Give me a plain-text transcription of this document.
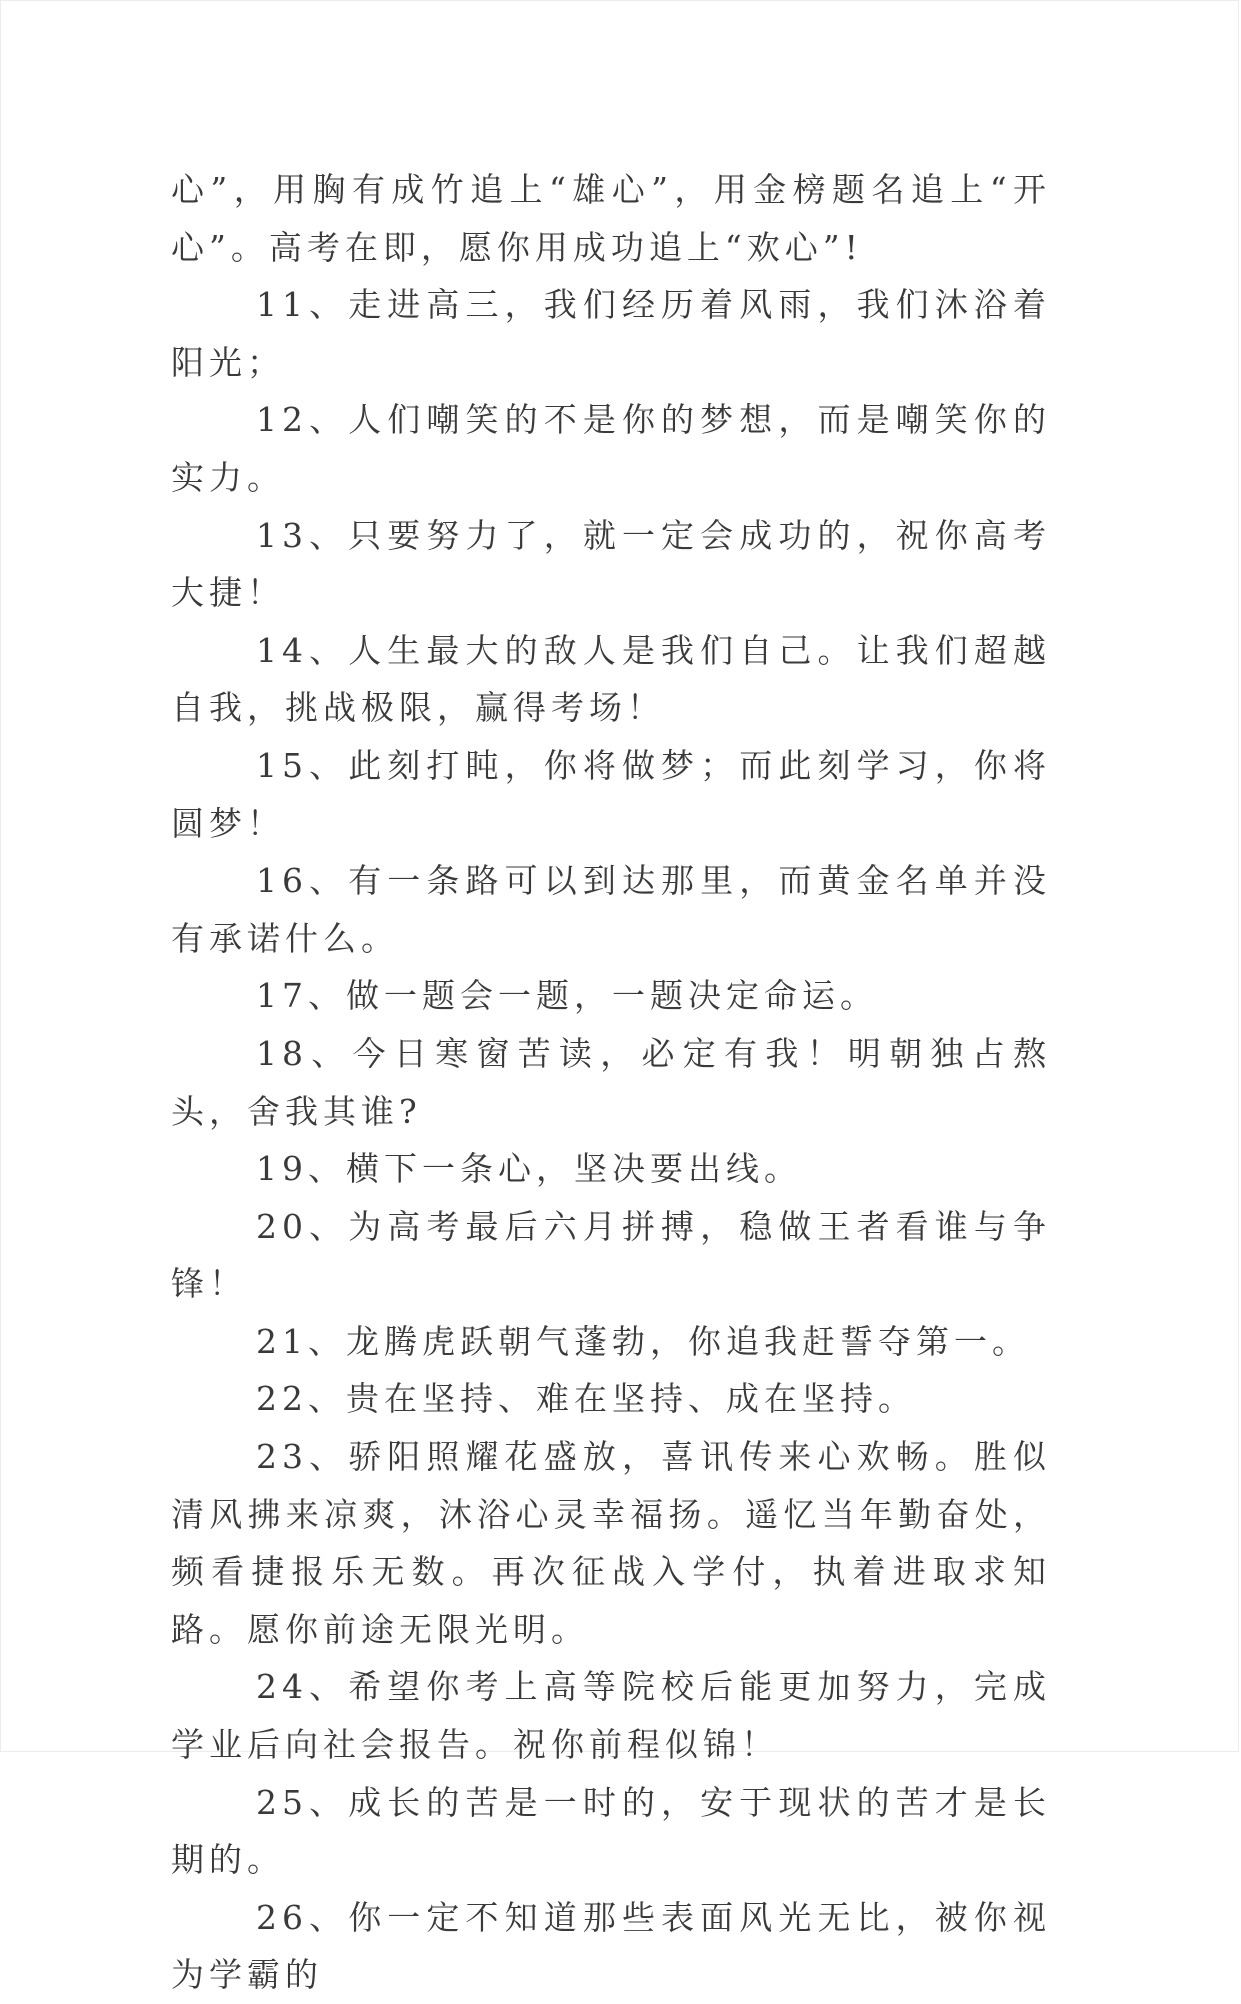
心”，用胸有成竹追上“雄心”，用金榜题名追上“开心”。高考在即，愿你用成功追上“欢心”!

11、走进高三，我们经历着风雨，我们沐浴着阳光；

12、人们嘲笑的不是你的梦想，而是嘲笑你的实力。

13、只要努力了，就一定会成功的，祝你高考大捷！

14、人生最大的敌人是我们自己。让我们超越自我，挑战极限，赢得考场！

15、此刻打盹，你将做梦；而此刻学习，你将圆梦！

16、有一条路可以到达那里，而黄金名单并没有承诺什么。

17、做一题会一题，一题决定命运。

18、今日寒窗苦读，必定有我！明朝独占熬头，舍我其谁?

19、横下一条心，坚决要出线。

20、为高考最后六月拼搏，稳做王者看谁与争锋！

21、龙腾虎跃朝气蓬勃，你追我赶誓夺第一。

22、贵在坚持、难在坚持、成在坚持。

23、骄阳照耀花盛放，喜讯传来心欢畅。胜似清风拂来凉爽，沐浴心灵幸福扬。遥忆当年勤奋处，频看捷报乐无数。再次征战入学付，执着进取求知路。愿你前途无限光明。

24、希望你考上高等院校后能更加努力，完成学业后向社会报告。祝你前程似锦！

25、成长的苦是一时的，安于现状的苦才是长期的。

26、你一定不知道那些表面风光无比，被你视为学霸的
